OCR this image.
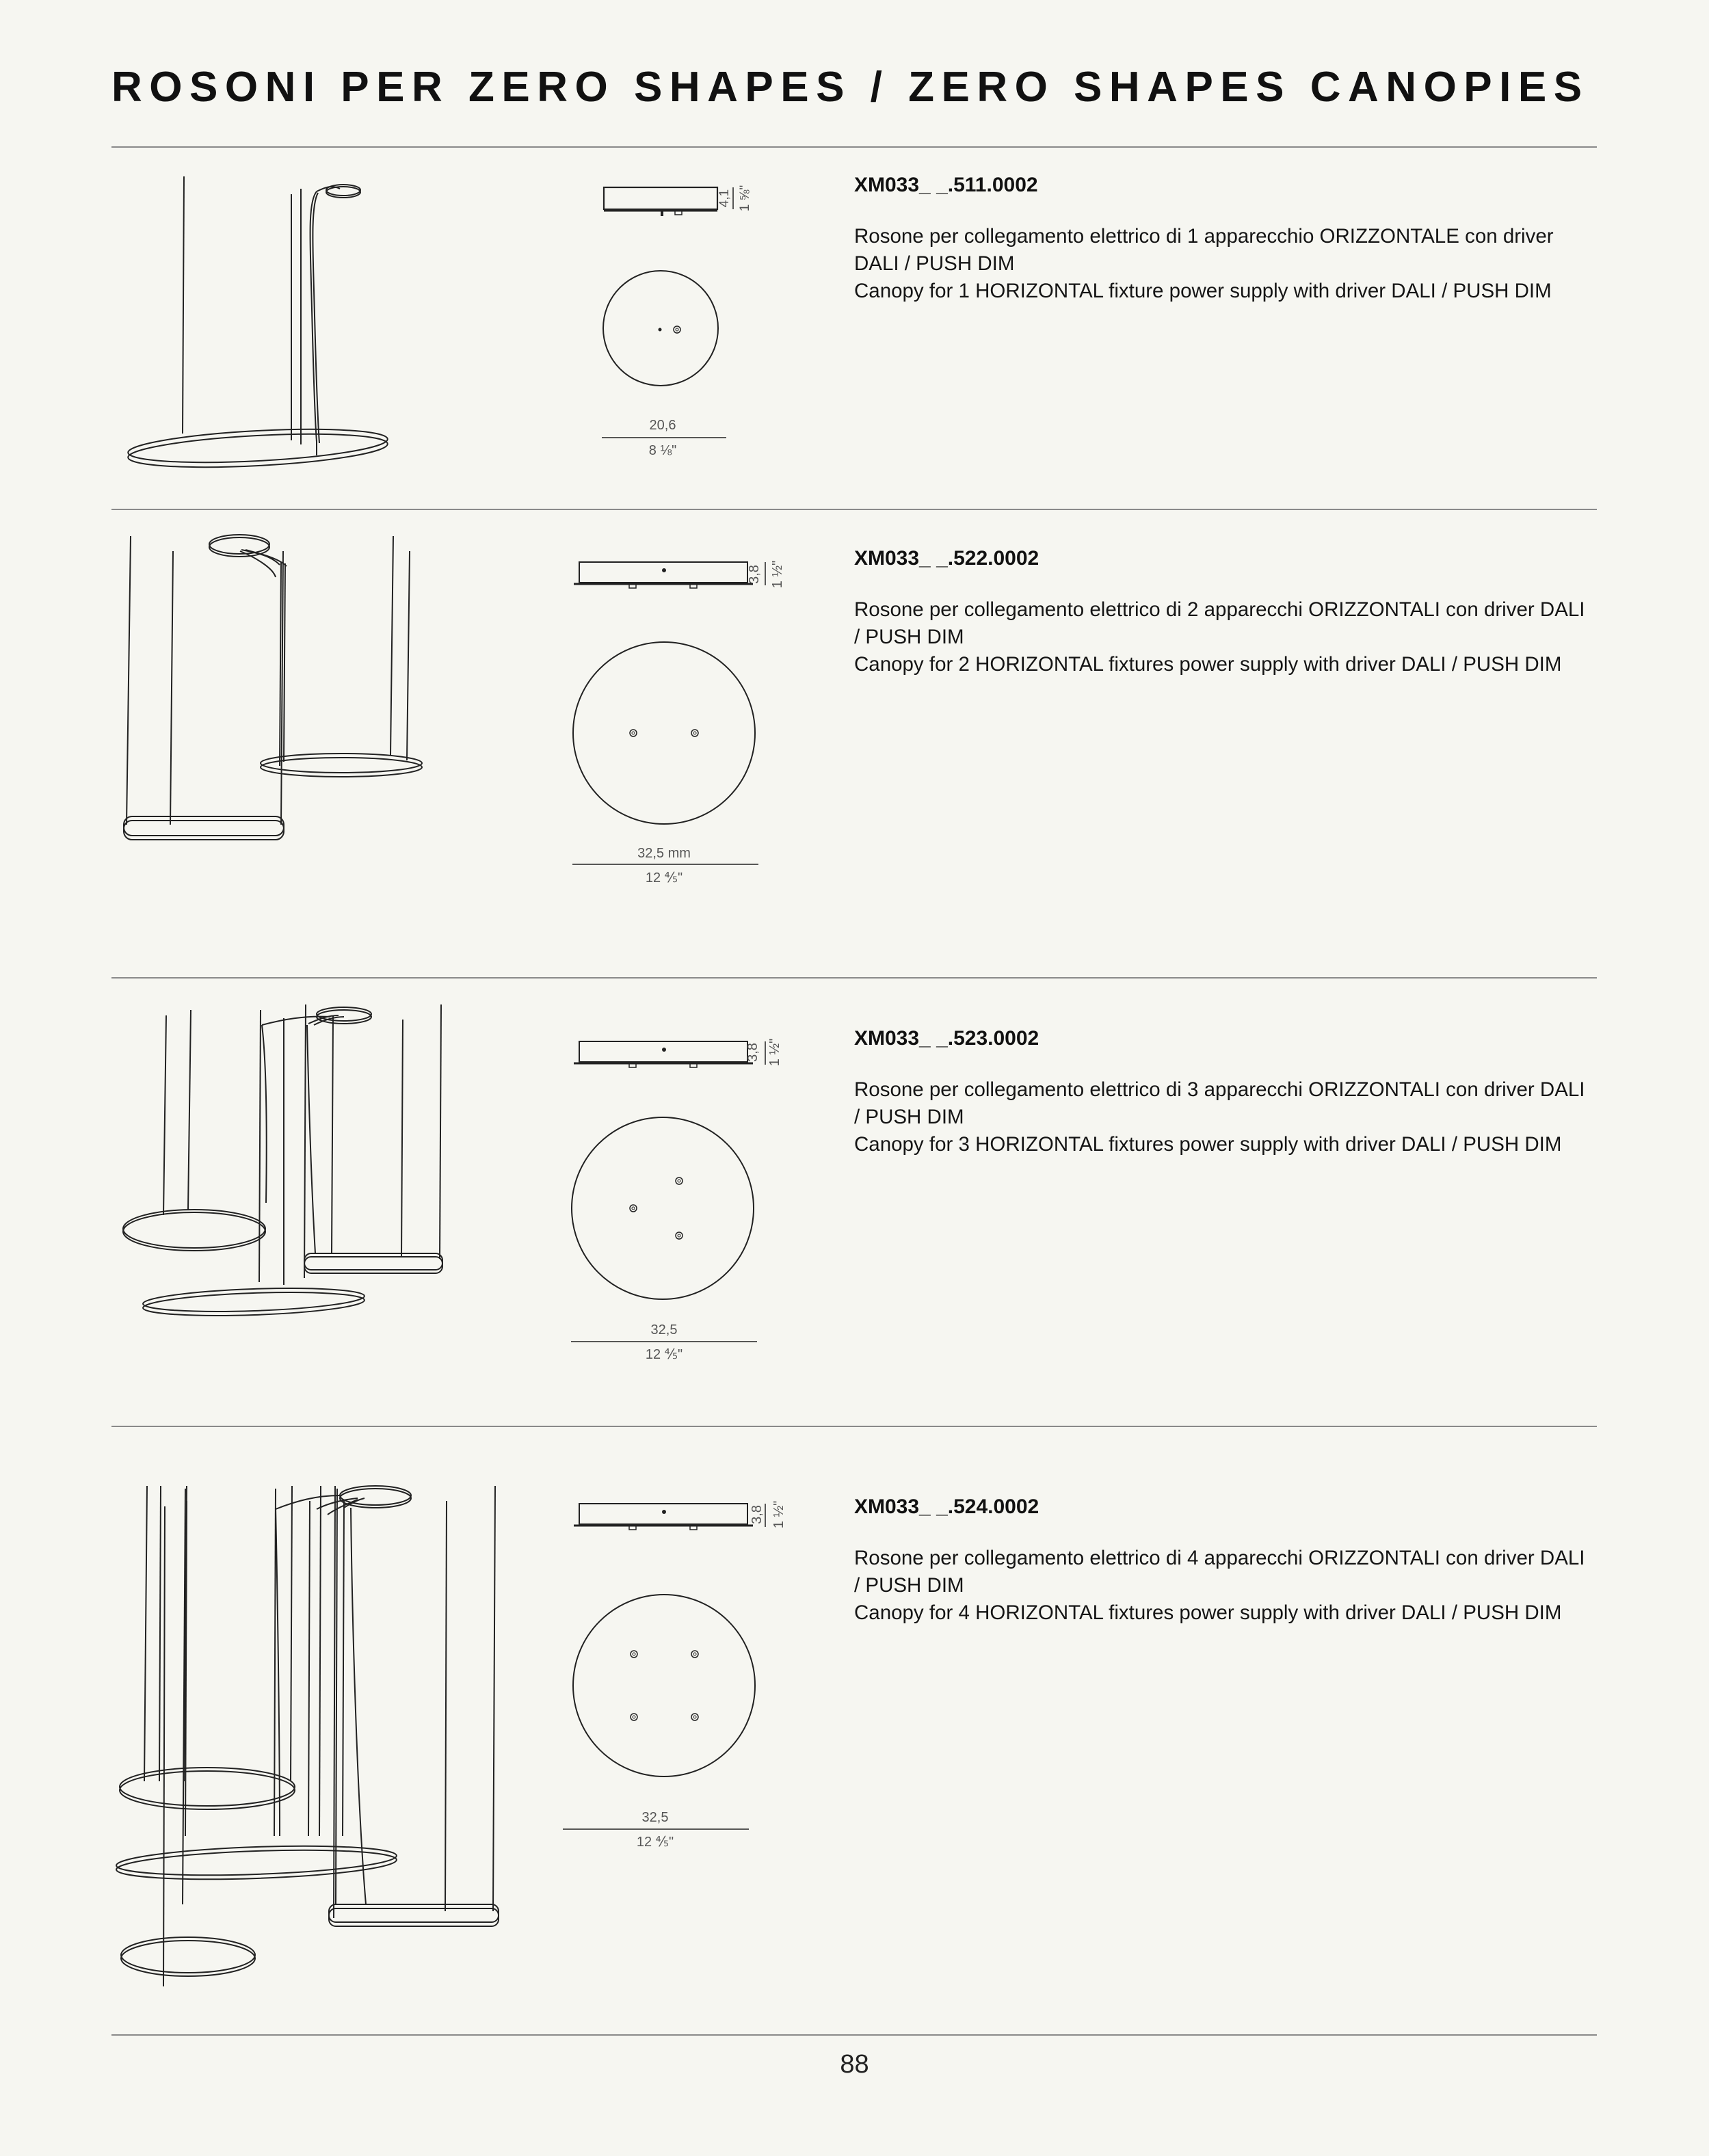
ROSONI PER ZERO SHAPES / ZERO SHAPES CANOPIES
4,1 1 ⅝"
20,6
8 ⅛"

XM033_ _.511.0002

Rosone per collegamento elettrico di 1 apparecchio ORIZZONTALE con driver DALI / PUSH DIM
Canopy for 1 HORIZONTAL fixture power supply with driver DALI / PUSH DIM

3,8 1 ½"
32,5 mm
12 ⅘"

XM033_ _.522.0002

Rosone per collegamento elettrico di 2 apparecchi ORIZZONTALI con driver DALI / PUSH DIM
Canopy for 2 HORIZONTAL fixtures power supply with driver DALI / PUSH DIM

3,8 1 ½"
32,5
12 ⅘"

XM033_ _.523.0002

Rosone per collegamento elettrico di 3 apparecchi ORIZZONTALI con driver DALI / PUSH DIM
Canopy for 3 HORIZONTAL fixtures power supply with driver DALI / PUSH DIM

3,8 1 ½"
32,5
12 ⅘"

XM033_ _.524.0002

Rosone per collegamento elettrico di 4 apparecchi ORIZZONTALI con driver DALI / PUSH DIM
Canopy for 4 HORIZONTAL fixtures power supply with driver DALI / PUSH DIM

88
